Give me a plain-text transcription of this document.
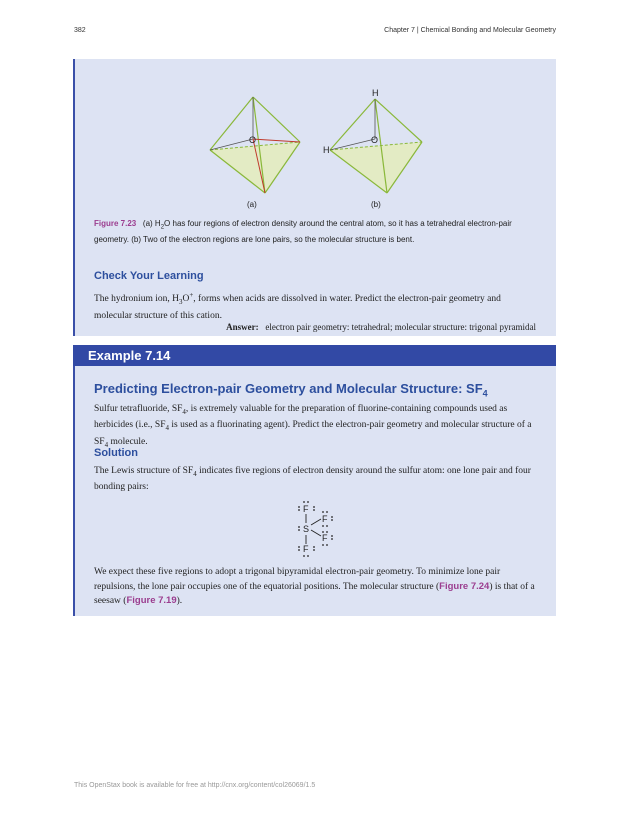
382	Chapter 7 | Chemical Bonding and Molecular Geometry
O
(a)
O
H
H
(b)
Figure 7.23 (a) $H_2O$ has four regions of electron density around the central atom, so it has a tetrahedral electron-pair geometry. (b) Two of the electron regions are lone pairs, so the molecular structure is bent.
Check Your Learning
The hydronium ion, $H_3O^+$, forms when acids are dissolved in water. Predict the electron-pair geometry and molecular structure of this cation.
Answer: electron pair geometry: tetrahedral; molecular structure: trigonal pyramidal
Example 7.14
Predicting Electron-pair Geometry and Molecular Structure: $SF_4$
Sulfur tetrafluoride, $SF_4$, is extremely valuable for the preparation of fluorine-containing compounds used as herbicides (i.e., $SF_4$ is used as a fluorinating agent). Predict the electron-pair geometry and molecular structure of a $SF_4$ molecule.
Solution
The Lewis structure of $SF_4$ indicates five regions of electron density around the sulfur atom: one lone pair and four bonding pairs:
F
S
F
F
F
We expect these five regions to adopt a trigonal bipyramidal electron-pair geometry. To minimize lone pair repulsions, the lone pair occupies one of the equatorial positions. The molecular structure (Figure 7.24) is that of a seesaw (Figure 7.19).
This OpenStax book is available for free at http://cnx.org/content/col26069/1.5
